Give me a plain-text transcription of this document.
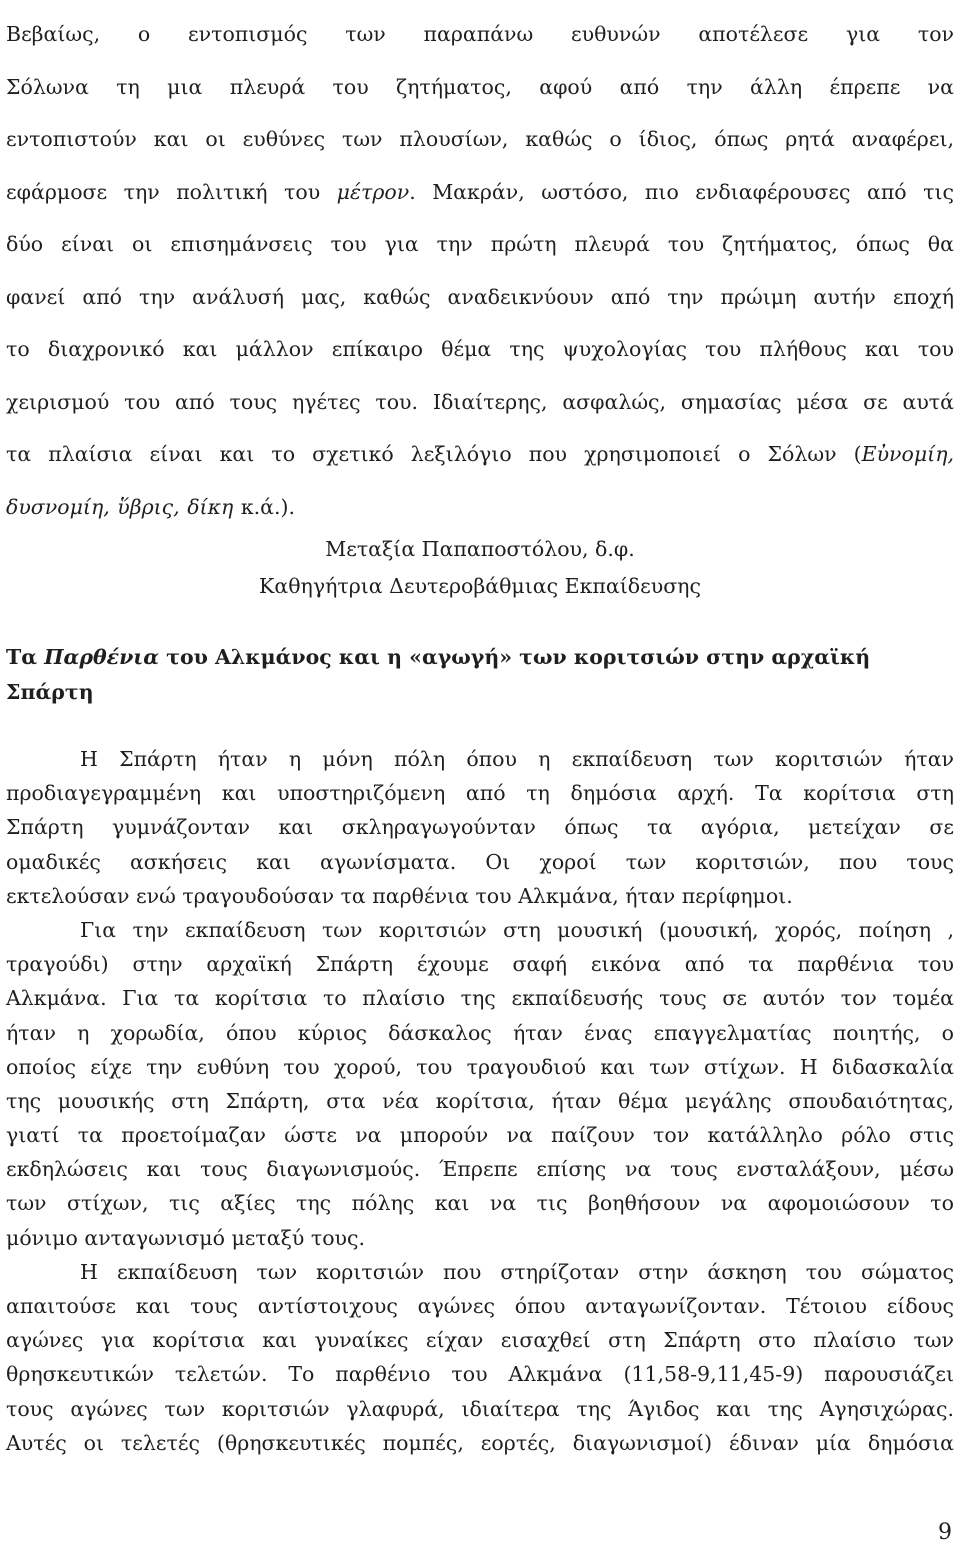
Βεβαίως, ο εντοπισμός των παραπάνω ευθυνών αποτέλεσε για τον
Σόλωνα τη μια πλευρά του ζητήματος, αφού από την άλλη έπρεπε να
εντοπιστούν και οι ευθύνες των πλουσίων, καθώς ο ίδιος, όπως ρητά αναφέρει,
εφάρμοσε την πολιτική του μέτρον. Μακράν, ωστόσο, πιο ενδιαφέρουσες από τις
δύο είναι οι επισημάνσεις του για την πρώτη πλευρά του ζητήματος, όπως θα
φανεί από την ανάλυσή μας, καθώς αναδεικνύουν από την πρώιμη αυτήν εποχή
το διαχρονικό και μάλλον επίκαιρο θέμα της ψυχολογίας του πλήθους και του
χειρισμού του από τους ηγέτες του. Ιδιαίτερης, ασφαλώς, σημασίας μέσα σε αυτά
τα πλαίσια είναι και το σχετικό λεξιλόγιο που χρησιμοποιεί ο Σόλων (Εὐνομίη,
δυσνομίη, ὕβρις, δίκη κ.ά.).
Μεταξία Παπαποστόλου, δ.φ.
Καθηγήτρια Δευτεροβάθμιας Εκπαίδευσης
Τα Παρθένια του Αλκμάνος και η «αγωγή» των κοριτσιών στην αρχαϊκή
Σπάρτη
Η Σπάρτη ήταν η μόνη πόλη όπου η εκπαίδευση των κοριτσιών ήταν
προδιαγεγραμμένη και υποστηριζόμενη από τη δημόσια αρχή. Τα κορίτσια στη
Σπάρτη γυμνάζονταν και σκληραγωγούνταν όπως τα αγόρια, μετείχαν σε
ομαδικές ασκήσεις και αγωνίσματα. Οι χοροί των κοριτσιών, που τους
εκτελούσαν ενώ τραγουδούσαν τα παρθένια του Αλκμάνα, ήταν περίφημοι.
Για την εκπαίδευση των κοριτσιών στη μουσική (μουσική, χορός, ποίηση ,
τραγούδι) στην αρχαϊκή Σπάρτη έχουμε σαφή εικόνα από τα παρθένια του
Αλκμάνα. Για τα κορίτσια το πλαίσιο της εκπαίδευσής τους σε αυτόν τον τομέα
ήταν η χορωδία, όπου κύριος δάσκαλος ήταν ένας επαγγελματίας ποιητής, ο
οποίος είχε την ευθύνη του χορού, του τραγουδιού και των στίχων. Η διδασκαλία
της μουσικής στη Σπάρτη, στα νέα κορίτσια, ήταν θέμα μεγάλης σπουδαιότητας,
γιατί τα προετοίμαζαν ώστε να μπορούν να παίζουν τον κατάλληλο ρόλο στις
εκδηλώσεις και τους διαγωνισμούς. Έπρεπε επίσης να τους ενσταλάξουν, μέσω
των στίχων, τις αξίες της πόλης και να τις βοηθήσουν να αφομοιώσουν το
μόνιμο ανταγωνισμό μεταξύ τους.
Η εκπαίδευση των κοριτσιών που στηρίζοταν στην άσκηση του σώματος
απαιτούσε και τους αντίστοιχους αγώνες όπου ανταγωνίζονταν. Τέτοιου είδους
αγώνες για κορίτσια και γυναίκες είχαν εισαχθεί στη Σπάρτη στο πλαίσιο των
θρησκευτικών τελετών. Το παρθένιο του Αλκμάνα (11,58-9,11,45-9) παρουσιάζει
τους αγώνες των κοριτσιών γλαφυρά, ιδιαίτερα της Άγιδος και της Αγησιχώρας.
Αυτές οι τελετές (θρησκευτικές πομπές, εορτές, διαγωνισμοί) έδιναν μία δημόσια
9
